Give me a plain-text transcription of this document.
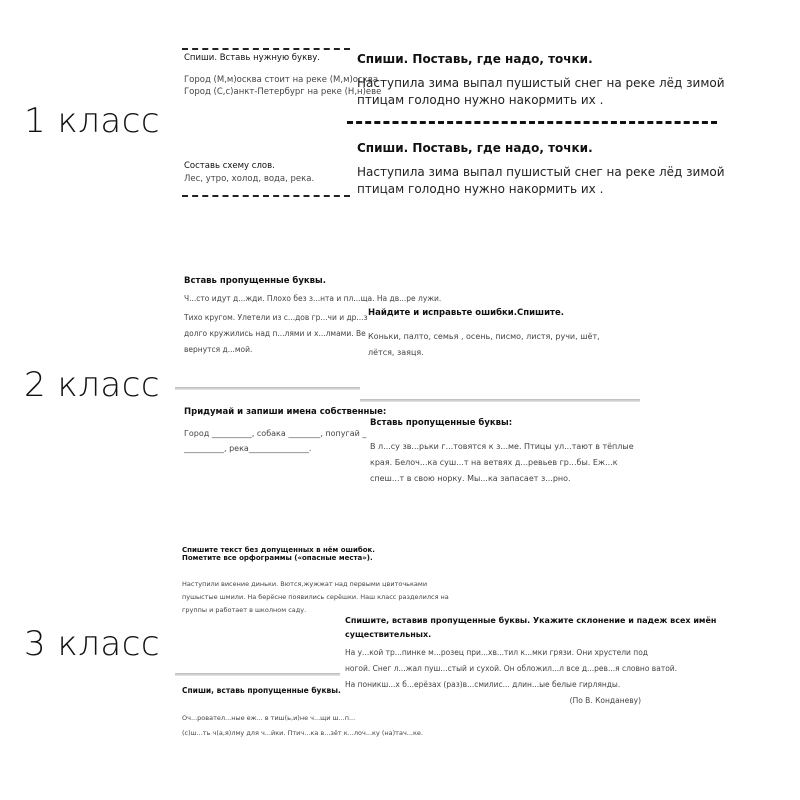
1 класс
2 класс
3 класс
Спиши. Вставь нужную букву.
Город (М,м)осква стоит на реке (М,м)осква
Город (С,с)анкт-Петербург на реке (Н,н)еве
Составь схему слов.
Лес, утро, холод, вода, река.
Спиши. Поставь, где надо, точки.
Наступила зима выпал пушистый снег на реке лёд зимой
птицам голодно нужно накормить их .
Спиши. Поставь, где надо, точки.
Наступила зима выпал пушистый снег на реке лёд зимой
птицам голодно нужно накормить их .
Вставь пропущенные буквы.
Ч...сто идут д...жди. Плохо без з...нта и пл...ща. На дв...ре лужи.
Тихо кругом. Улетели из с...дов гр...чи и др...з
долго кружились над п...лями и х...лмами. Ве
вернутся д...мой.
Найдите и исправьте ошибки.Спишите.
Коньки, палто, семья , осень, писмо, листя, ручи, шёт,
лётся, заяця.
Придумай и запиши имена собственные:
Город __________, собака ________, попугай _
__________, река_______________.
Вставь пропущенные буквы:
В л...су зв...рьки г...товятся к з...ме. Птицы ул...тают в тёплые
края. Белоч...ка суш...т на ветвях д...ревьев гр...бы. Еж...к
спеш...т в свою норку. Мы...ка запасает з...рно.
Спишите текст без допущенных в нём ошибок.
Пометите все орфограммы («опасные места»).
Наступили висение диньки. Вются,жужжат над первыми цвиточьками
пушыстые шмили. На берёсне появились серёшки. Наш класс разделился на
группы и работает в школном саду.
Спишите, вставив пропущенные буквы. Укажите склонение и падеж всех имён
существительных.
На у...кой тр...пинке м...розец при...хв...тил к...мки грязи. Они хрустели под
ногой. Снег л...жал пуш...стый и сухой. Он обложил...л все д...рев...я словно ватой.
На поникш...х б...ерёзах (раз)в...смилис... длин...ые белые гирлянды.
(По В. Конданеву)
Спиши, вставь пропущенные буквы.
Оч...ровател...ные еж... в тиш(ь,и)не ч...щи ш...п...
(с)ш...ть ч(а,я)лму для ч...йки. Птич...ка в...зёт к...лоч...ку (на)тач...ке.
